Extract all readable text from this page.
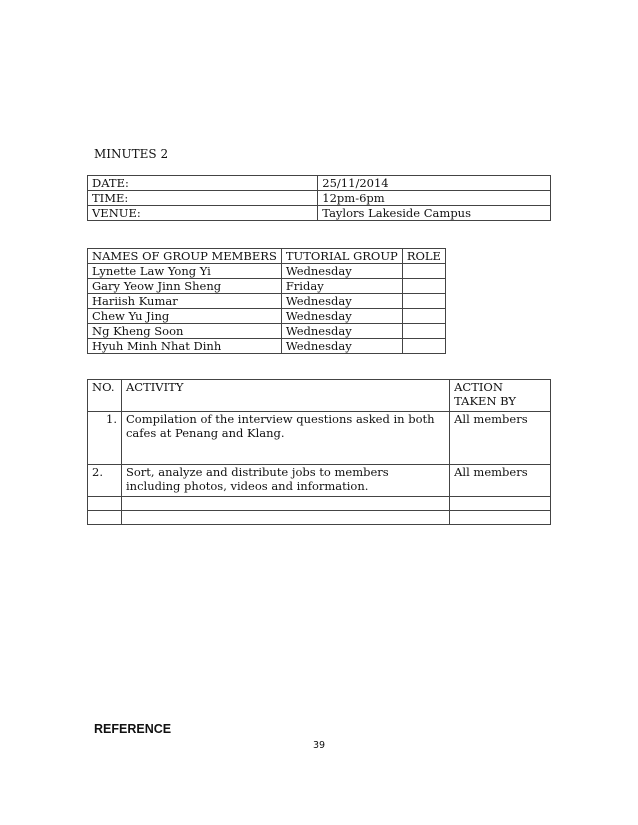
MINUTES 2
DATE:	25/11/2014
TIME:	12pm-6pm
VENUE:	Taylors Lakeside Campus
NAMES OF GROUP MEMBERS	TUTORIAL GROUP	ROLE
Lynette Law Yong Yi	Wednesday	
Gary Yeow Jinn Sheng	Friday	
Hariish Kumar	Wednesday	
Chew Yu Jing	Wednesday	
Ng Kheng Soon	Wednesday	
Hyuh Minh Nhat Dinh	Wednesday	
NO.	ACTIVITY	ACTION TAKEN BY
1.	Compilation of the interview questions asked in both cafes at Penang and Klang.	All members
2.	Sort, analyze and distribute jobs to members including photos, videos and information.	All members

REFERENCE
39
